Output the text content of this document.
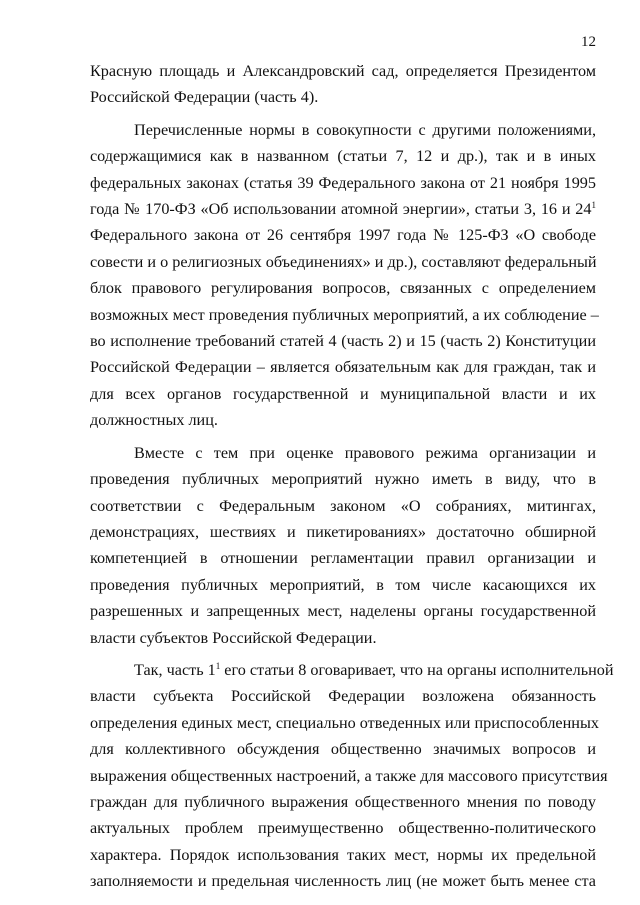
12
Красную площадь и Александровский сад, определяется Президентом
Российской Федерации (часть 4).
Перечисленные нормы в совокупности с другими положениями,
содержащимися как в названном (статьи 7, 12 и др.), так и в иных
федеральных законах (статья 39 Федерального закона от 21 ноября 1995
года № 170-ФЗ «Об использовании атомной энергии», статьи 3, 16 и $24^1$
Федерального закона от 26 сентября 1997 года № 125-ФЗ «О свободе
совести и о религиозных объединениях» и др.), составляют федеральный
блок правового регулирования вопросов, связанных с определением
возможных мест проведения публичных мероприятий, а их соблюдение –
во исполнение требований статей 4 (часть 2) и 15 (часть 2) Конституции
Российской Федерации – является обязательным как для граждан, так и
для всех органов государственной и муниципальной власти и их
должностных лиц.
Вместе с тем при оценке правового режима организации и
проведения публичных мероприятий нужно иметь в виду, что в
соответствии с Федеральным законом «О собраниях, митингах,
демонстрациях, шествиях и пикетированиях» достаточно обширной
компетенцией в отношении регламентации правил организации и
проведения публичных мероприятий, в том числе касающихся их
разрешенных и запрещенных мест, наделены органы государственной
власти субъектов Российской Федерации.
Так, часть $1^1$ его статьи 8 оговаривает, что на органы исполнительной
власти субъекта Российской Федерации возложена обязанность
определения единых мест, специально отведенных или приспособленных
для коллективного обсуждения общественно значимых вопросов и
выражения общественных настроений, а также для массового присутствия
граждан для публичного выражения общественного мнения по поводу
актуальных проблем преимущественно общественно-политического
характера. Порядок использования таких мест, нормы их предельной
заполняемости и предельная численность лиц (не может быть менее ста
